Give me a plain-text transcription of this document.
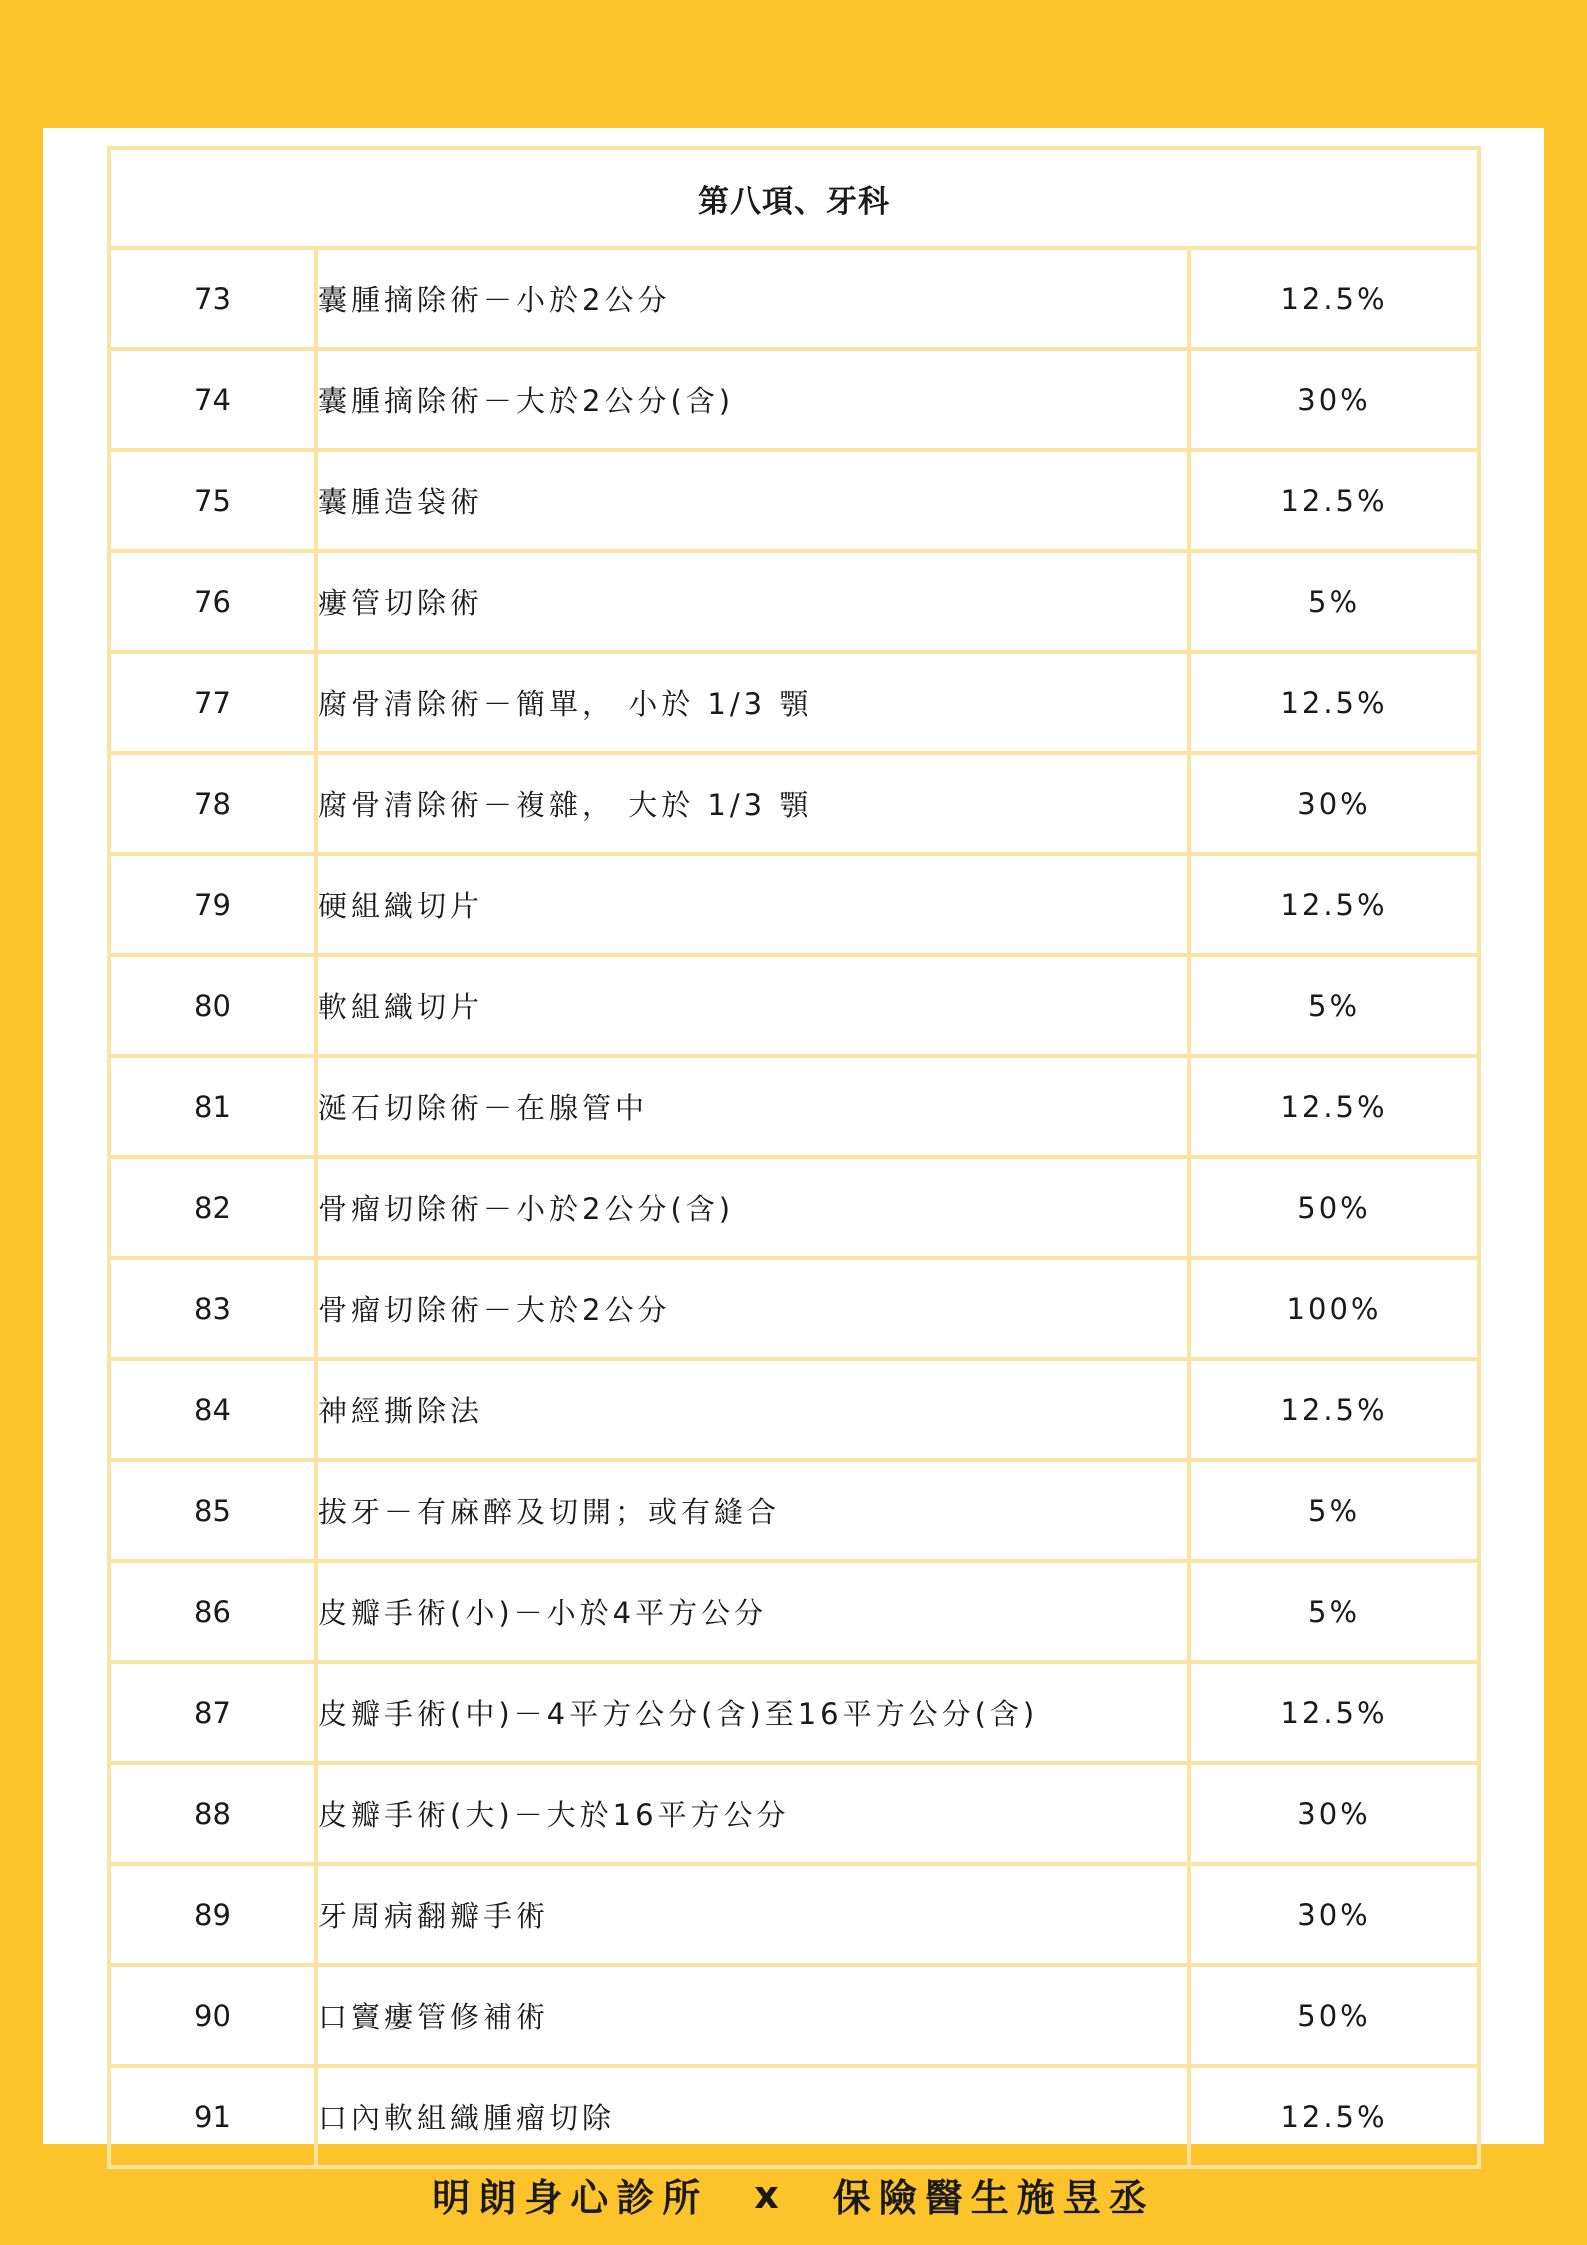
第八項、牙科		
73	囊腫摘除術－小於2公分	12.5%
74	囊腫摘除術－大於2公分(含)	30%
75	囊腫造袋術	12.5%
76	瘻管切除術	5%
77	腐骨清除術－簡單， 小於 1/3 顎	12.5%
78	腐骨清除術－複雜， 大於 1/3 顎	30%
79	硬組織切片	12.5%
80	軟組織切片	5%
81	涎石切除術－在腺管中	12.5%
82	骨瘤切除術－小於2公分(含)	50%
83	骨瘤切除術－大於2公分	100%
84	神經撕除法	12.5%
85	拔牙－有麻醉及切開；或有縫合	5%
86	皮瓣手術(小)－小於4平方公分	5%
87	皮瓣手術(中)－4平方公分(含)至16平方公分(含)	12.5%
88	皮瓣手術(大)－大於16平方公分	30%
89	牙周病翻瓣手術	30%
90	口竇瘻管修補術	50%
91	口內軟組織腫瘤切除	12.5%
明朗身心診所 x 保險醫生施昱丞
